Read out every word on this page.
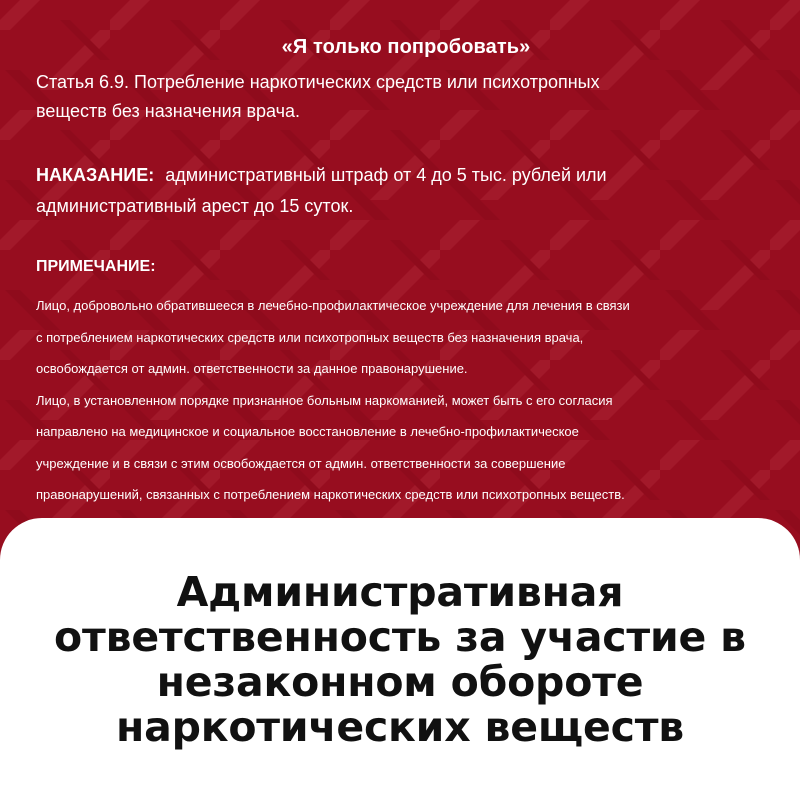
«Я только попробовать»
Статья 6.9. Потребление наркотических средств или психотропных
веществ без назначения врача.
НАКАЗАНИЕ: административный штраф от 4 до 5 тыс. рублей или
административный арест до 15 суток.
ПРИМЕЧАНИЕ:

Лицо, добровольно обратившееся в лечебно-профилактическое учреждение для лечения в связи

с потреблением наркотических средств или психотропных веществ без назначения врача,

освобождается от админ. ответственности за данное правонарушение.

Лицо, в установленном порядке признанное больным наркоманией, может быть с его согласия

направлено на медицинское и социальное восстановление в лечебно-профилактическое

учреждение и в связи с этим освобождается от админ. ответственности за совершение

правонарушений, связанных с потреблением наркотических средств или психотропных веществ.

Административная
ответственность за участие в
незаконном обороте
наркотических веществ
